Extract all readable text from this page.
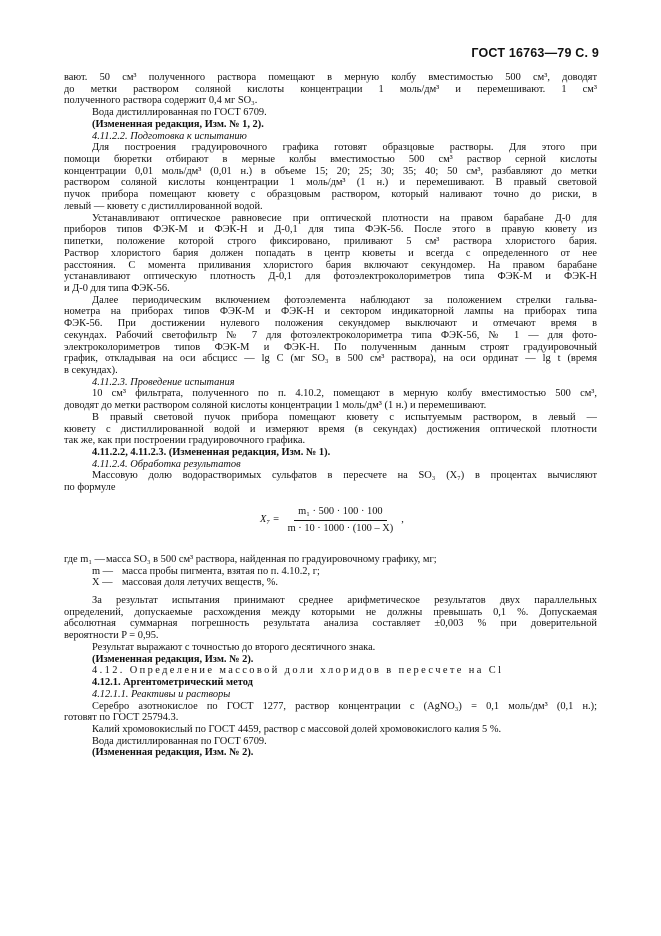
ГОСТ 16763—79 С. 9
вают. 50 см³ полученного раствора помещают в мерную колбу вместимостью 500 см³, доводят
до метки раствором соляной кислоты концентрации 1 моль/дм³ и перемешивают. 1 см³
полученного раствора содержит 0,4 мг SO₃.
Вода дистиллированная по ГОСТ 6709.
(Измененная редакция, Изм. № 1, 2).
4.11.2.2. Подготовка к испытанию
Для построения градуировочного графика готовят образцовые растворы. Для этого при
помощи бюретки отбирают в мерные колбы вместимостью 500 см³ раствор серной кислоты
концентрации 0,01 моль/дм³ (0,01 н.) в объеме 15; 20; 25; 30; 35; 40; 50 см³, разбавляют до метки
раствором соляной кислоты концентрации 1 моль/дм³ (1 н.) и перемешивают. В правый световой
пучок прибора помещают кювету с образцовым раствором, который наливают точно до риски, в
левый — кювету с дистиллированной водой.
Устанавливают оптическое равновесие при оптической плотности на правом барабане Д-0 для
приборов типов ФЭК-М и ФЭК-Н и Д-0,1 для типа ФЭК-56. После этого в правую кювету из
пипетки, положение которой строго фиксировано, приливают 5 см³ раствора хлористого бария.
Раствор хлористого бария должен попадать в центр кюветы и всегда с определенного от нее
расстояния. С момента приливания хлористого бария включают секундомер. На правом барабане
устанавливают оптическую плотность Д-0,1 для фотоэлектроколориметров типа ФЭК-М и ФЭК-Н
и Д-0 для типа ФЭК-56.
Далее периодическим включением фотоэлемента наблюдают за положением стрелки гальва-
нометра на приборах типов ФЭК-М и ФЭК-Н и сектором индикаторной лампы на приборах типа
ФЭК-56. При достижении нулевого положения секундомер выключают и отмечают время в
секундах. Рабочий светофильтр № 7 для фотоэлектроколориметра типа ФЭК-56, № 1 — для фото-
электроколориметров типов ФЭК-М и ФЭК-Н. По полученным данным строят градуировочный
график, откладывая на оси абсцисс — lg C (мг SO₃ в 500 см³ раствора), на оси ординат — lg t (время
в секундах).
4.11.2.3. Проведение испытания
10 см³ фильтрата, полученного по п. 4.10.2, помещают в мерную колбу вместимостью 500 см³,
доводят до метки раствором соляной кислоты концентрации 1 моль/дм³ (1 н.) и перемешивают.
В правый световой пучок прибора помещают кювету с испытуемым раствором, в левый —
кювету с дистиллированной водой и измеряют время (в секундах) достижения оптической плотности
так же, как при построении градуировочного графика.
4.11.2.2, 4.11.2.3. (Измененная редакция, Изм. № 1).
4.11.2.4. Обработка результатов
Массовую долю водорастворимых сульфатов в пересчете на SO₃ (X₇) в процентах вычисляют
по формуле
$X_7 = \frac{\text{m₁ · 500 · 100 · 100}}{m \cdot 10 \cdot 1000 \cdot (100 - X)}$ ,
где m₁ — масса SO₃ в 500 см³ раствора, найденная по градуировочному графику, мг;
m — масса пробы пигмента, взятая по п. 4.10.2, г;
X — массовая доля летучих веществ, %.
За результат испытания принимают среднее арифметическое результатов двух параллельных
определений, допускаемые расхождения между которыми не должны превышать 0,1 %. Допускаемая
абсолютная суммарная погрешность результата анализа составляет ±0,003 % при доверительной
вероятности P = 0,95.
Результат выражают с точностью до второго десятичного знака.
(Измененная редакция, Изм. № 2).
4.12. Определение массовой доли хлоридов в пересчете на Cl
4.12.1. Аргентометрический метод
4.12.1.1. Реактивы и растворы
Серебро азотнокислое по ГОСТ 1277, раствор концентрации c (AgNO₃) = 0,1 моль/дм³ (0,1 н.);
готовят по ГОСТ 25794.3.
Калий хромовокислый по ГОСТ 4459, раствор с массовой долей хромовокислого калия 5 %.
Вода дистиллированная по ГОСТ 6709.
(Измененная редакция, Изм. № 2).
